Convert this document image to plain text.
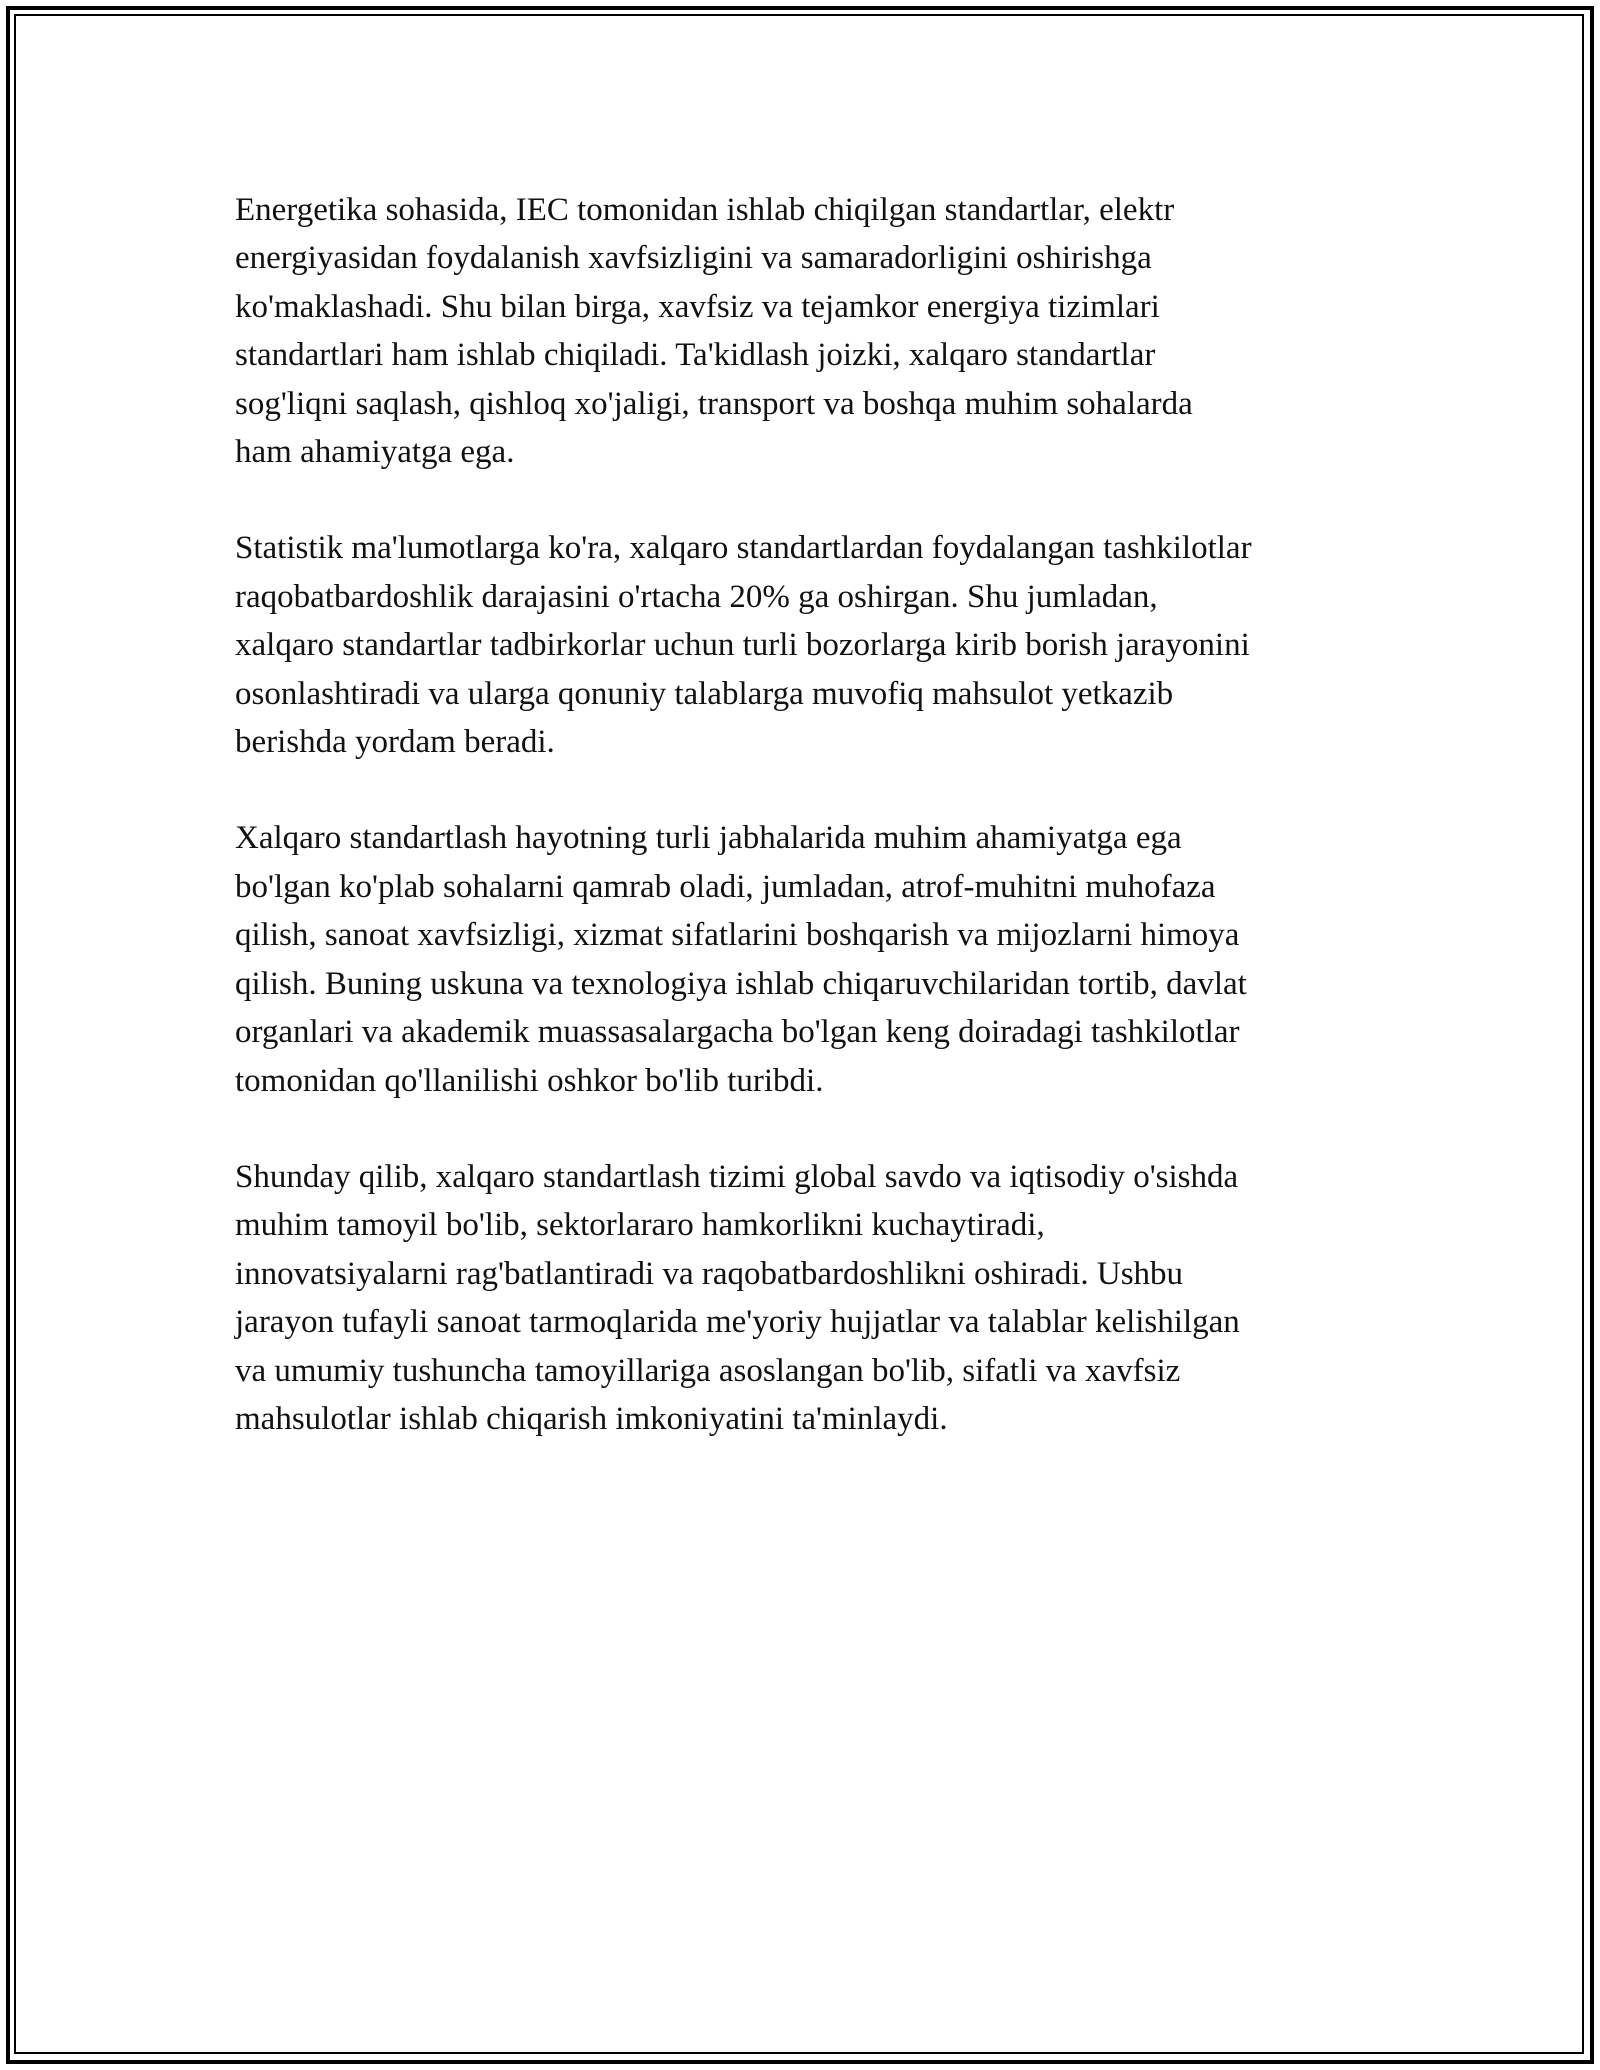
Energetika sohasida, IEC tomonidan ishlab chiqilgan standartlar, elektr
energiyasidan foydalanish xavfsizligini va samaradorligini oshirishga
ko'maklashadi. Shu bilan birga, xavfsiz va tejamkor energiya tizimlari
standartlari ham ishlab chiqiladi. Ta'kidlash joizki, xalqaro standartlar
sog'liqni saqlash, qishloq xo'jaligi, transport va boshqa muhim sohalarda
ham ahamiyatga ega.

Statistik ma'lumotlarga ko'ra, xalqaro standartlardan foydalangan tashkilotlar
raqobatbardoshlik darajasini o'rtacha 20% ga oshirgan. Shu jumladan,
xalqaro standartlar tadbirkorlar uchun turli bozorlarga kirib borish jarayonini
osonlashtiradi va ularga qonuniy talablarga muvofiq mahsulot yetkazib
berishda yordam beradi.

Xalqaro standartlash hayotning turli jabhalarida muhim ahamiyatga ega
bo'lgan ko'plab sohalarni qamrab oladi, jumladan, atrof-muhitni muhofaza
qilish, sanoat xavfsizligi, xizmat sifatlarini boshqarish va mijozlarni himoya
qilish. Buning uskuna va texnologiya ishlab chiqaruvchilaridan tortib, davlat
organlari va akademik muassasalargacha bo'lgan keng doiradagi tashkilotlar
tomonidan qo'llanilishi oshkor bo'lib turibdi.

Shunday qilib, xalqaro standartlash tizimi global savdo va iqtisodiy o'sishda
muhim tamoyil bo'lib, sektorlararo hamkorlikni kuchaytiradi,
innovatsiyalarni rag'batlantiradi va raqobatbardoshlikni oshiradi. Ushbu
jarayon tufayli sanoat tarmoqlarida me'yoriy hujjatlar va talablar kelishilgan
va umumiy tushuncha tamoyillariga asoslangan bo'lib, sifatli va xavfsiz
mahsulotlar ishlab chiqarish imkoniyatini ta'minlaydi.
